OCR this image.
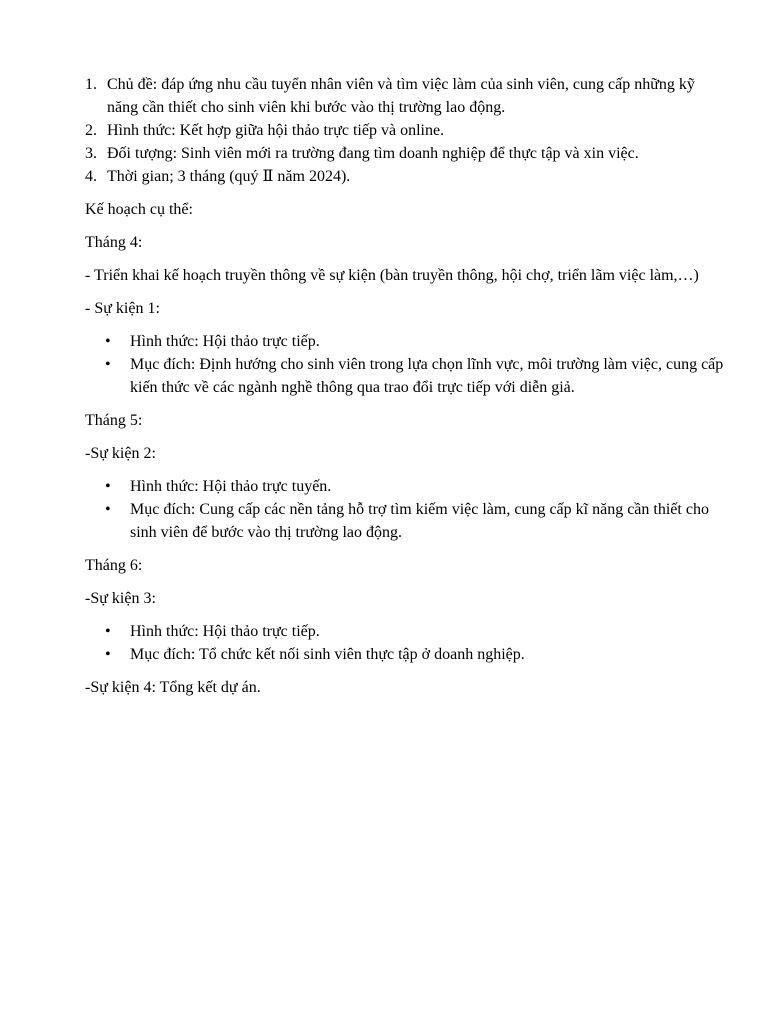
1. Chủ đề: đáp ứng nhu cầu tuyển nhân viên và tìm việc làm của sinh viên, cung cấp những kỹ năng cần thiết cho sinh viên khi bước vào thị trường lao động.
2. Hình thức: Kết hợp giữa hội thảo trực tiếp và online.
3. Đối tượng: Sinh viên mới ra trường đang tìm doanh nghiệp để thực tập và xin việc.
4. Thời gian; 3 tháng (quý Ⅱ năm 2024).

Kế hoạch cụ thể:

Tháng 4:

- Triển khai kế hoạch truyền thông về sự kiện (bàn truyền thông, hội chợ, triển lãm việc làm,…)

- Sự kiện 1:

• Hình thức: Hội thảo trực tiếp.
• Mục đích: Định hướng cho sinh viên trong lựa chọn lĩnh vực, môi trường làm việc, cung cấp kiến thức về các ngành nghề thông qua trao đổi trực tiếp với diễn giả.

Tháng 5:

-Sự kiện 2:

• Hình thức: Hội thảo trực tuyến.
• Mục đích: Cung cấp các nền tảng hỗ trợ tìm kiếm việc làm, cung cấp kĩ năng cần thiết cho sinh viên để bước vào thị trường lao động.

Tháng 6:

-Sự kiện 3:

• Hình thức: Hội thảo trực tiếp.
• Mục đích: Tổ chức kết nối sinh viên thực tập ở doanh nghiệp.

-Sự kiện 4: Tổng kết dự án.
